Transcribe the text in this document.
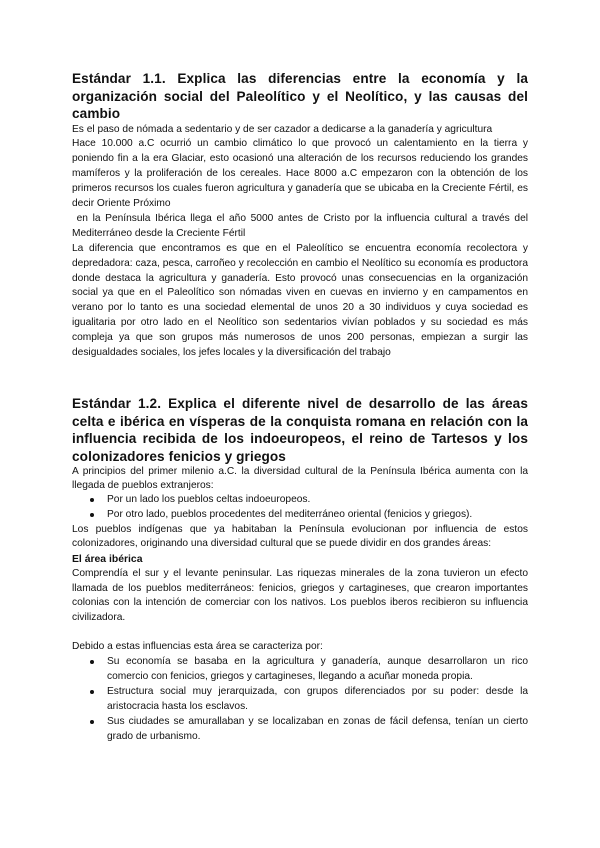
Estándar 1.1. Explica las diferencias entre la economía y la organización social del Paleolítico y el Neolítico, y las causas del cambio

Es el paso de nómada a sedentario y de ser cazador a dedicarse a la ganadería y agricultura

Hace 10.000 a.C ocurrió un cambio climático lo que provocó un calentamiento en la tierra y poniendo fin a la era Glaciar, esto ocasionó una alteración de los recursos reduciendo los grandes mamíferos y la proliferación de los cereales. Hace 8000 a.C empezaron con la obtención de los primeros recursos los cuales fueron agricultura y ganadería que se ubicaba en la Creciente Fértil, es decir Oriente Próximo

en la Península Ibérica llega el año 5000 antes de Cristo por la influencia cultural a través del Mediterráneo desde la Creciente Fértil

La diferencia que encontramos es que en el Paleolítico se encuentra economía recolectora y depredadora: caza, pesca, carroñeo y recolección en cambio el Neolítico su economía es productora donde destaca la agricultura y ganadería. Esto provocó unas consecuencias en la organización social ya que en el Paleolítico son nómadas viven en cuevas en invierno y en campamentos en verano por lo tanto es una sociedad elemental de unos 20 a 30 individuos y cuya sociedad es igualitaria por otro lado en el Neolítico son sedentarios vivían poblados y su sociedad es más compleja ya que son grupos más numerosos de unos 200 personas, empiezan a surgir las desigualdades sociales, los jefes locales y la diversificación del trabajo

Estándar 1.2. Explica el diferente nivel de desarrollo de las áreas celta e ibérica en vísperas de la conquista romana en relación con la influencia recibida de los indoeuropeos, el reino de Tartesos y los colonizadores fenicios y griegos

A principios del primer milenio a.C. la diversidad cultural de la Península Ibérica aumenta con la llegada de pueblos extranjeros:

Por un lado los pueblos celtas indoeuropeos.
Por otro lado, pueblos procedentes del mediterráneo oriental (fenicios y griegos).

Los pueblos indígenas que ya habitaban la Península evolucionan por influencia de estos colonizadores, originando una diversidad cultural que se puede dividir en dos grandes áreas:

El área ibérica

Comprendía el sur y el levante peninsular. Las riquezas minerales de la zona tuvieron un efecto llamada de los pueblos mediterráneos: fenicios, griegos y cartagineses, que crearon importantes colonias con la intención de comerciar con los nativos. Los pueblos iberos recibieron su influencia civilizadora.

Debido a estas influencias esta área se caracteriza por:

Su economía se basaba en la agricultura y ganadería, aunque desarrollaron un rico comercio con fenicios, griegos y cartagineses, llegando a acuñar moneda propia.
Estructura social muy jerarquizada, con grupos diferenciados por su poder: desde la aristocracia hasta los esclavos.
Sus ciudades se amurallaban y se localizaban en zonas de fácil defensa, tenían un cierto grado de urbanismo.
